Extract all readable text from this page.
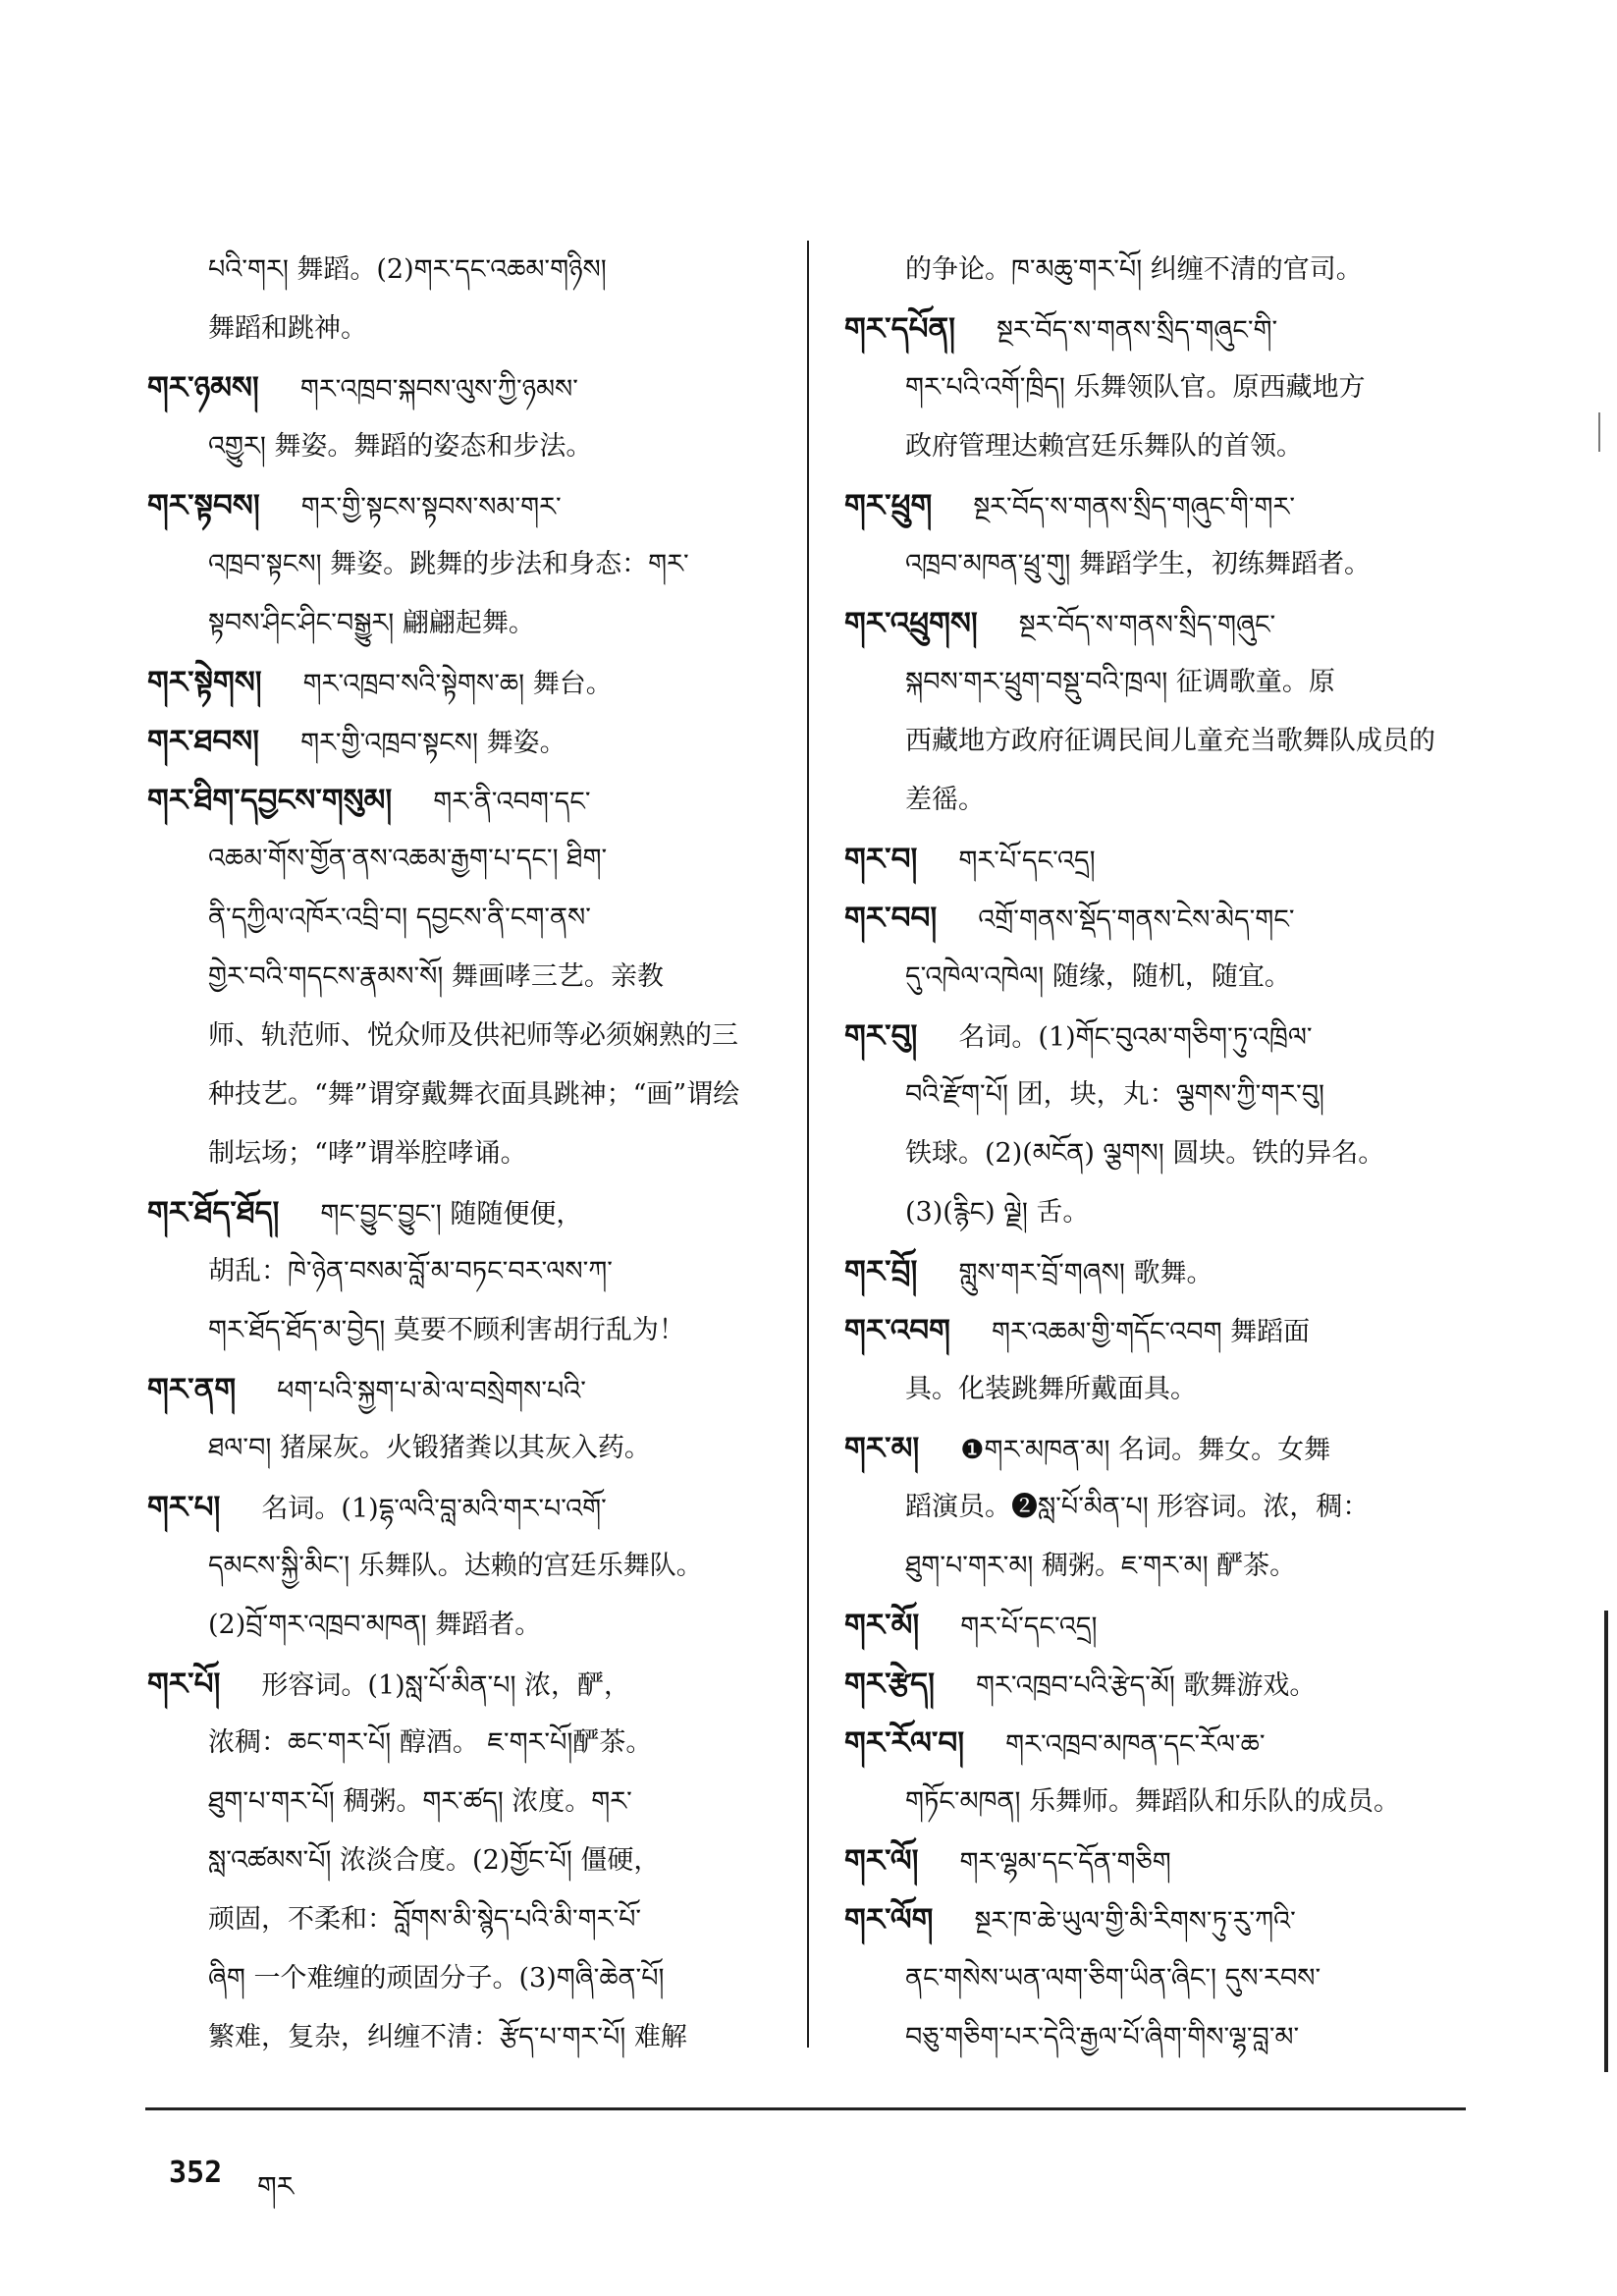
པའི་གར། 舞蹈。(2)གར་དང་འཆམ་གཉིས།
舞蹈和跳神。
གར་ཉམས། གར་འཁྲབ་སྐབས་ལུས་ཀྱི་ཉམས་
འགྱུར། 舞姿。舞蹈的姿态和步法。
གར་སྟབས། གར་གྱི་སྟངས་སྟབས་སམ་གར་
འཁྲབ་སྟངས། 舞姿。跳舞的步法和身态：གར་
སྟབས་ཤིང་ཤིང་བསྒྱུར། 翩翩起舞。
གར་སྟེགས། གར་འཁྲབ་སའི་སྟེགས་ཆ། 舞台。
གར་ཐབས། གར་གྱི་འཁྲབ་སྟངས། 舞姿。
གར་ཐིག་དབྱངས་གསུམ། གར་ནི་འབག་དང་
འཆམ་གོས་གྱོན་ནས་འཆམ་རྒྱག་པ་དང་། ཐིག་
ནི་དཀྱིལ་འཁོར་འབྲི་བ། དབྱངས་ནི་ངག་ནས་
གྱེར་བའི་གདངས་རྣམས་སོ། 舞画哮三艺。亲教
师、轨范师、悦众师及供祀师等必须娴熟的三
种技艺。“舞”谓穿戴舞衣面具跳神；“画”谓绘
制坛场；“哮”谓举腔哮诵。
གར་ཐོད་ཐོད། གང་བྱུང་བྱུང་། 随随便便，
胡乱：ཁེ་ཉེན་བསམ་བློ་མ་བཏང་བར་ལས་ཀ་
གར་ཐོད་ཐོད་མ་བྱེད། 莫要不顾利害胡行乱为！
གར་ནག ཕག་པའི་སྐྱག་པ་མེ་ལ་བསྲེགས་པའི་
ཐལ་བ། 猪屎灰。火锻猪粪以其灰入药。
གར་པ། 名词。(1)དྷ་ལའི་བླ་མའི་གར་པ་འགོ་
དམངས་སྐྱི་མིང་། 乐舞队。达赖的宫廷乐舞队。
(2)བྲོ་གར་འཁྲབ་མཁན། 舞蹈者。
གར་པོ། 形容词。(1)སླ་པོ་མིན་པ། 浓，酽，
浓稠：ཆང་གར་པོ། 醇酒。 ཇ་གར་པོ།酽茶。
ཐུག་པ་གར་པོ། 稠粥。གར་ཚད། 浓度。གར་
སླ་འཚམས་པོ། 浓淡合度。(2)གྱོང་པོ། 僵硬，
顽固，不柔和：བློགས་མི་སྙེད་པའི་མི་གར་པོ་
ཞིག 一个难缠的顽固分子。(3)གཞི་ཆེན་པོ།
繁难，复杂，纠缠不清：རྩོད་པ་གར་པོ། 难解
的争论。ཁ་མཆུ་གར་པོ། 纠缠不清的官司。
གར་དཔོན། སྔར་བོད་ས་གནས་སྲིད་གཞུང་གི་
གར་པའི་འགོ་ཁྲིད། 乐舞领队官。原西藏地方
政府管理达赖宫廷乐舞队的首领。
གར་ཕྲུག སྔར་བོད་ས་གནས་སྲིད་གཞུང་གི་གར་
འཁྲབ་མཁན་ཕྲུ་གུ། 舞蹈学生，初练舞蹈者。
གར་འཕྲུགས། སྔར་བོད་ས་གནས་སྲིད་གཞུང་
སྐབས་གར་ཕྲུག་བསྡུ་བའི་ཁྲལ། 征调歌童。原
西藏地方政府征调民间儿童充当歌舞队成员的
差徭。
གར་བ། གར་པོ་དང་འདྲ།
གར་བབ། འགྲོ་གནས་སྡོད་གནས་ངེས་མེད་གང་
དུ་འཁེལ་འཁེལ། 随缘，随机，随宜。
གར་བུ། 名词。(1)གོང་བུའམ་གཅིག་ཏུ་འཁྲིལ་
བའི་རྫོག་པོ། 团，块，丸：ལྕགས་ཀྱི་གར་བུ།
铁球。(2)(མངོན) ལྕགས། 圆块。铁的异名。
(3)(རྙིང) ལྗེ། 舌。
གར་བྲོ། གླུས་གར་བྲོ་གཞས། 歌舞。
གར་འབག གར་འཆམ་གྱི་གདོང་འབག 舞蹈面
具。化装跳舞所戴面具。
གར་མ། ❶གར་མཁན་མ། 名词。舞女。女舞
蹈演员。❷སླ་པོ་མིན་པ། 形容词。浓，稠：
ཐུག་པ་གར་མ། 稠粥。ཇ་གར་མ། 酽茶。
གར་མོ། གར་པོ་དང་འདྲ།
གར་རྩེད། གར་འཁྲབ་པའི་རྩེད་མོ། 歌舞游戏。
གར་རོལ་བ། གར་འཁྲབ་མཁན་དང་རོལ་ཆ་
གཏོང་མཁན། 乐舞师。舞蹈队和乐队的成员。
གར་ལོ། གར་ལྷམ་དང་དོན་གཅིག
གར་ལོག སྔར་ཁ་ཆེ་ཡུལ་གྱི་མི་རིགས་ཏུ་རུ་ཀའི་
ནང་གསེས་ཡན་ལག་ཅིག་ཡིན་ཞིང་། དུས་རབས་
བཅུ་གཅིག་པར་དེའི་རྒྱལ་པོ་ཞིག་གིས་ལྷ་བླ་མ་
352 གར
